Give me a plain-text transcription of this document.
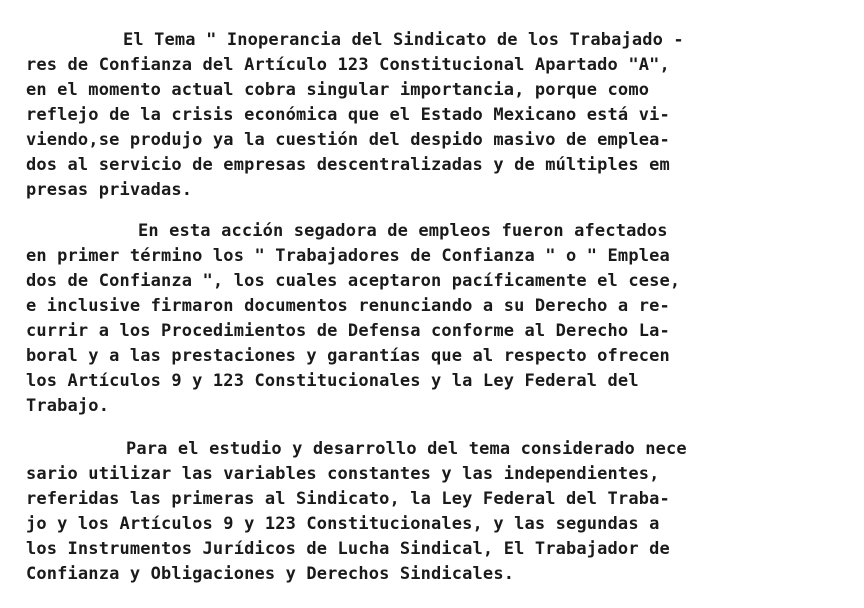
El Tema " Inoperancia del Sindicato de los Trabajado -

res de Confianza del Artículo 123 Constitucional Apartado "A",

en el momento actual cobra singular importancia, porque como

reflejo de la crisis económica que el Estado Mexicano está vi-

viendo,se produjo ya la cuestión del despido masivo de emplea-

dos al servicio de empresas descentralizadas y de múltiples em

presas privadas.

En esta acción segadora de empleos fueron afectados

en primer término los " Trabajadores de Confianza " o " Emplea

dos de Confianza ", los cuales aceptaron pacíficamente el cese,

e inclusive firmaron documentos renunciando a su Derecho a re-

currir a los Procedimientos de Defensa conforme al Derecho La-

boral y a las prestaciones y garantías que al respecto ofrecen

los Artículos 9 y 123 Constitucionales y la Ley Federal del

Trabajo.

Para el estudio y desarrollo del tema considerado nece

sario utilizar las variables constantes y las independientes,

referidas las primeras al Sindicato, la Ley Federal del Traba-

jo y los Artículos 9 y 123 Constitucionales, y las segundas a

los Instrumentos Jurídicos de Lucha Sindical, El Trabajador de

Confianza y Obligaciones y Derechos Sindicales.
